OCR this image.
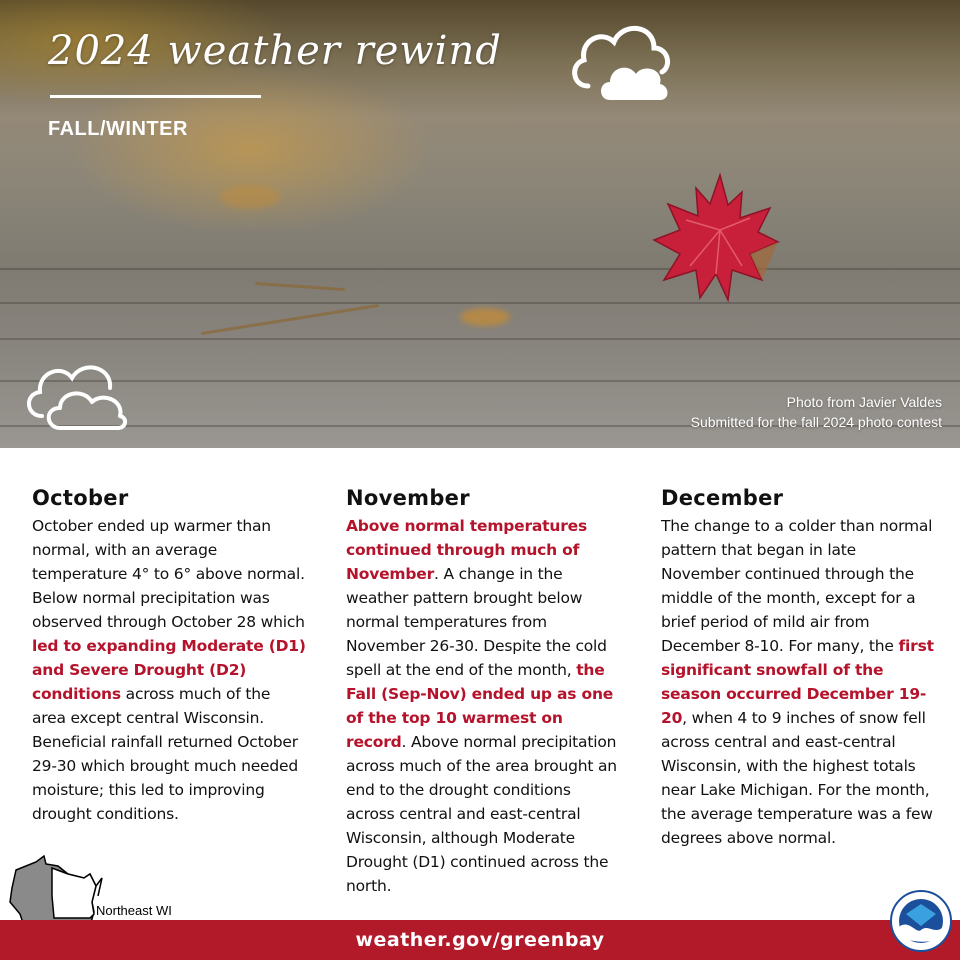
2024 weather rewind
FALL/WINTER
Photo from Javier Valdes
Submitted for the fall 2024 photo contest
October

October ended up warmer than normal, with an average temperature 4° to 6° above normal. Below normal precipitation was observed through October 28 which led to expanding Moderate (D1) and Severe Drought (D2) conditions across much of the area except central Wisconsin. Beneficial rainfall returned October 29-30 which brought much needed moisture; this led to improving drought conditions.

November

Above normal temperatures continued through much of November. A change in the weather pattern brought below normal temperatures from November 26-30. Despite the cold spell at the end of the month, the Fall (Sep-Nov) ended up as one of the top 10 warmest on record. Above normal precipitation across much of the area brought an end to the drought conditions across central and east-central Wisconsin, although Moderate Drought (D1) continued across the north.

December

The change to a colder than normal pattern that began in late November continued through the middle of the month, except for a brief period of mild air from December 8-10. For many, the first significant snowfall of the season occurred December 19-20, when 4 to 9 inches of snow fell across central and east-central Wisconsin, with the highest totals near Lake Michigan. For the month, the average temperature was a few degrees above normal.

Northeast WI
weather.gov/greenbay
